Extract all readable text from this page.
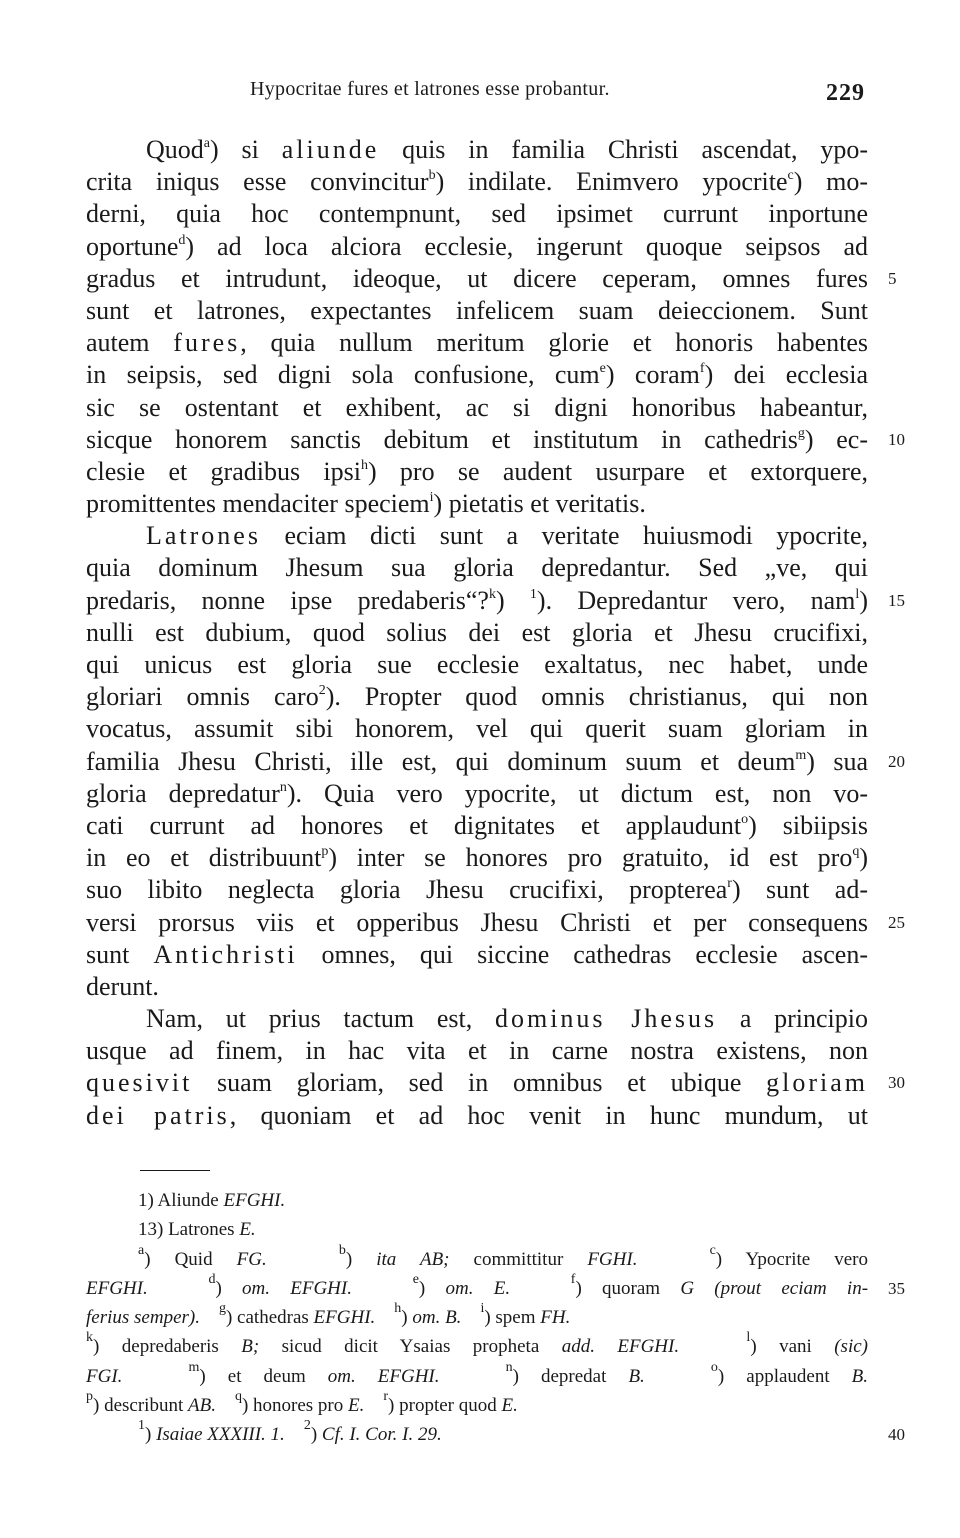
Hypocritae fures et latrones esse probantur.	229
Quod$^a$) si aliunde quis in familia Christi ascendat, ypo-
crita iniqus esse convincitur$^b$) indilate. Enimvero ypocrite$^c$) mo-
derni, quia hoc contempnunt, sed ipsimet currunt inportune
oportune$^d$) ad loca alciora ecclesie, ingerunt quoque seipsos ad
gradus et intrudunt, ideoque, ut dicere ceperam, omnes fures 5
sunt et latrones, expectantes infelicem suam deieccionem. Sunt
autem fures, quia nullum meritum glorie et honoris habentes
in seipsis, sed digni sola confusione, cum$^e$) coram$^f$) dei ecclesia
sic se ostentant et exhibent, ac si digni honoribus habeantur,
sicque honorem sanctis debitum et institutum in cathedris$^g$) ec- 10
clesie et gradibus ipsi$^h$) pro se audent usurpare et extorquere,
promittentes mendaciter speciem$^i$) pietatis et veritatis.
Latrones eciam dicti sunt a veritate huiusmodi ypocrite,
quia dominum Jhesum sua gloria depredantur. Sed „ve, qui
predaris, nonne ipse predaberis“?$^k$) $^1$). Depredantur vero, nam$^l$) 15
nulli est dubium, quod solius dei est gloria et Jhesu crucifixi,
qui unicus est gloria sue ecclesie exaltatus, nec habet, unde
gloriari omnis caro$^2$). Propter quod omnis christianus, qui non
vocatus, assumit sibi honorem, vel qui querit suam gloriam in
familia Jhesu Christi, ille est, qui dominum suum et deum$^m$) sua 20
gloria depredatur$^n$). Quia vero ypocrite, ut dictum est, non vo-
cati currunt ad honores et dignitates et applaudunt$^o$) sibiipsis
in eo et distribuunt$^p$) inter se honores pro gratuito, id est pro$^q$)
suo libito neglecta gloria Jhesu crucifixi, propterea$^r$) sunt ad-
versi prorsus viis et opperibus Jhesu Christi et per consequens 25
sunt Antichristi omnes, qui siccine cathedras ecclesie ascen-
derunt.
Nam, ut prius tactum est, dominus Jhesus a principio
usque ad finem, in hac vita et in carne nostra existens, non
quesivit suam gloriam, sed in omnibus et ubique gloriam 30
dei patris, quoniam et ad hoc venit in hunc mundum, ut
1) Aliunde EFGHI.
13) Latrones E.
$^a$) Quid FG.	$^b$) ita AB; committitur FGHI.	$^c$) Ypocrite vero
EFGHI.	$^d$) om. EFGHI.	$^e$) om. E.	$^f$) quoram G (prout eciam in- 35
ferius semper). $^g$) cathedras EFGHI. $^h$) om. B. $^i$) spem FH.
$^k$) depredaberis B; sicud dicit Ysaias propheta add. EFGHI.	$^l$) vani (sic)
FGI.	$^m$) et deum om. EFGHI.	$^n$) depredat B.	$^o$) applaudent B.
$^p$) describunt AB. $^q$) honores pro E. $^r$) propter quod E.
$^1$) Isaiae XXXIII. 1. $^2$) Cf. I. Cor. I. 29.	40
